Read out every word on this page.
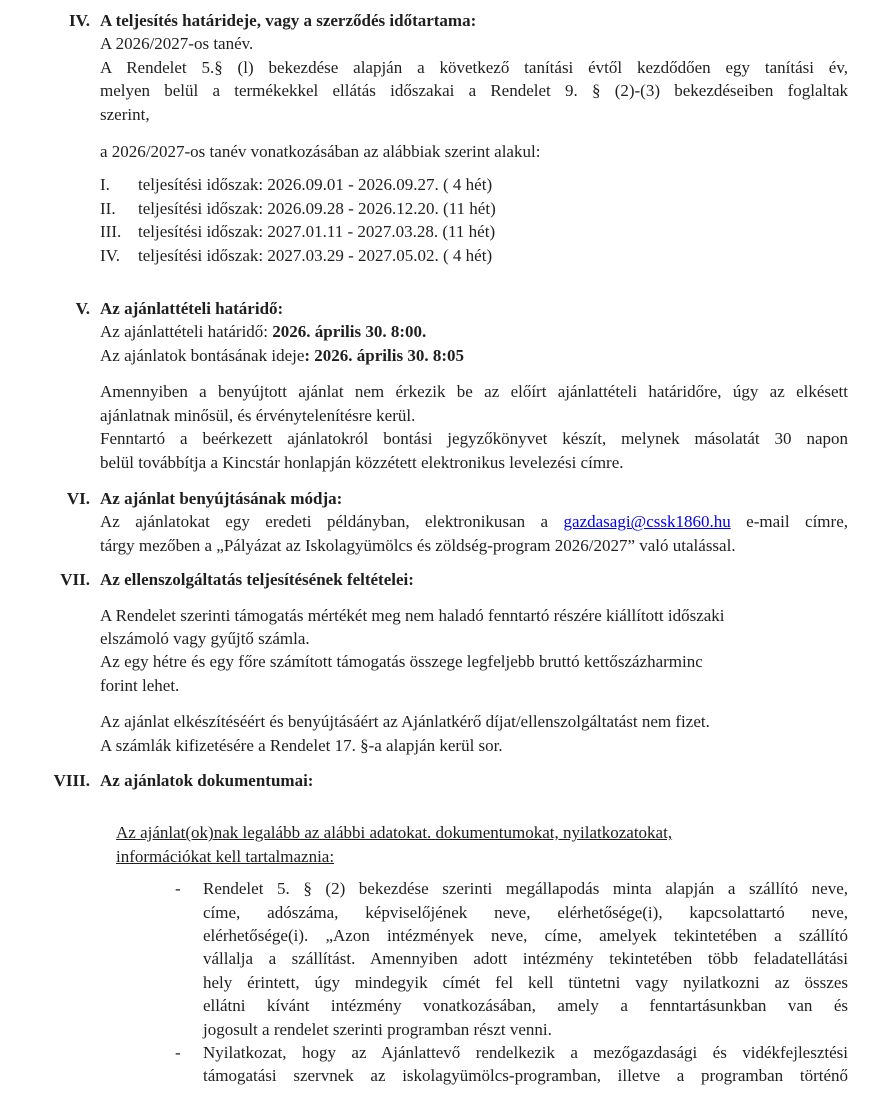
IV. A teljesítés határideje, vagy a szerződés időtartama:
A 2026/2027-os tanév.
A Rendelet 5.§ (l) bekezdése alapján a következő tanítási évtől kezdődően egy tanítási év,
melyen belül a termékekkel ellátás időszakai a Rendelet 9. § (2)-(3) bekezdéseiben foglaltak
szerint,
a 2026/2027-os tanév vonatkozásában az alábbiak szerint alakul:
I.	teljesítési időszak: 2026.09.01 - 2026.09.27. ( 4 hét)
II.	teljesítési időszak: 2026.09.28 - 2026.12.20. (11 hét)
III. teljesítési időszak: 2027.01.11 - 2027.03.28. (11 hét)
IV.	teljesítési időszak: 2027.03.29 - 2027.05.02. ( 4 hét)
V. Az ajánlattételi határidő:
Az ajánlattételi határidő: 2026. április 30. 8:00.
Az ajánlatok bontásának ideje: 2026. április 30. 8:05
Amennyiben a benyújtott ajánlat nem érkezik be az előírt ajánlattételi határidőre, úgy az elkésett
ajánlatnak minősül, és érvénytelenítésre kerül.
Fenntartó a beérkezett ajánlatokról bontási jegyzőkönyvet készít, melynek másolatát 30 napon
belül továbbítja a Kincstár honlapján közzétett elektronikus levelezési címre.
VI. Az ajánlat benyújtásának módja:
Az ajánlatokat egy eredeti példányban, elektronikusan a gazdasagi@cssk1860.hu e-mail címre,
tárgy mezőben a „Pályázat az Iskolagyümölcs és zöldség-program 2026/2027” való utalással.
VII. Az ellenszolgáltatás teljesítésének feltételei:
A Rendelet szerinti támogatás mértékét meg nem haladó fenntartó részére kiállított időszaki
elszámoló vagy gyűjtő számla.
Az egy hétre és egy főre számított támogatás összege legfeljebb bruttó kettőszázharminc
forint lehet.
Az ajánlat elkészítéséért és benyújtásáért az Ajánlatkérő díjat/ellenszolgáltatást nem fizet.
A számlák kifizetésére a Rendelet 17. §-a alapján kerül sor.
VIII. Az ajánlatok dokumentumai:
Az ajánlat(ok)nak legalább az alábbi adatokat. dokumentumokat, nyilatkozatokat,
információkat kell tartalmaznia:
-	Rendelet 5. § (2) bekezdése szerinti megállapodás minta alapján a szállító neve,
címe, adószáma, képviselőjének neve, elérhetősége(i), kapcsolattartó neve,
elérhetősége(i). „Azon intézmények neve, címe, amelyek tekintetében a szállító
vállalja a szállítást. Amennyiben adott intézmény tekintetében több feladatellátási
hely érintett, úgy mindegyik címét fel kell tüntetni vagy nyilatkozni az összes
ellátni kívánt intézmény vonatkozásában, amely a fenntartásunkban van és
jogosult a rendelet szerinti programban részt venni.
-	Nyilatkozat, hogy az Ajánlattevő rendelkezik a mezőgazdasági és vidékfejlesztési
támogatási szervnek az iskolagyümölcs-programban, illetve a programban történő
